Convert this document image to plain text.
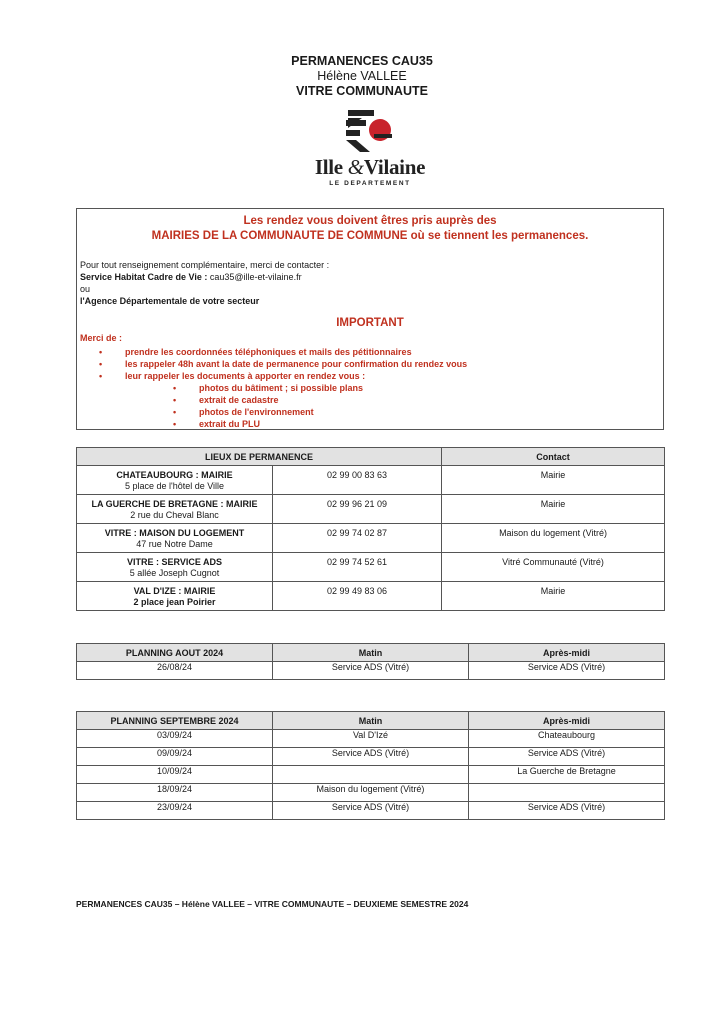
PERMANENCES CAU35
Hélène VALLEE
VITRE COMMUNAUTE
Ille &Vilaine
LE DEPARTEMENT
Les rendez vous doivent êtres pris auprès des
MAIRIES DE LA COMMUNAUTE DE COMMUNE où se tiennent les permanences.
Pour tout renseignement complémentaire, merci de contacter :
Service Habitat Cadre de Vie : cau35@ille-et-vilaine.fr
ou
l'Agence Départementale de votre secteur
IMPORTANT
Merci de :
•	prendre les coordonnées téléphoniques et mails des pétitionnaires
•	les rappeler 48h avant la date de permanence pour confirmation du rendez vous
•	leur rappeler les documents à apporter en rendez vous :
•	photos du bâtiment ; si possible plans
•	extrait de cadastre
•	photos de l'environnement
•	extrait du PLU
LIEUX DE PERMANENCE		Contact

CHATEAUBOURG : MAIRIE
5 place de l'hôtel de Ville	02 99 00 83 63	Mairie

LA GUERCHE DE BRETAGNE : MAIRIE
2 rue du Cheval Blanc	02 99 96 21 09	Mairie

VITRE : MAISON DU LOGEMENT
47 rue Notre Dame	02 99 74 02 87	Maison du logement (Vitré)

VITRE : SERVICE ADS
5 allée Joseph Cugnot	02 99 74 52 61	Vitré Communauté (Vitré)

VAL D'IZE : MAIRIE
2 place jean Poirier	02 99 49 83 06	Mairie
PLANNING AOUT 2024	Matin	Après-midi
26/08/24	Service ADS (Vitré)	Service ADS (Vitré)
PLANNING SEPTEMBRE 2024	Matin	Après-midi
03/09/24	Val D'Izé	Chateaubourg
09/09/24	Service ADS (Vitré)	Service ADS (Vitré)
10/09/24		La Guerche de Bretagne
18/09/24	Maison du logement (Vitré)	
23/09/24	Service ADS (Vitré)	Service ADS (Vitré)
PERMANENCES CAU35 – Hélène VALLEE – VITRE COMMUNAUTE – DEUXIEME SEMESTRE 2024
